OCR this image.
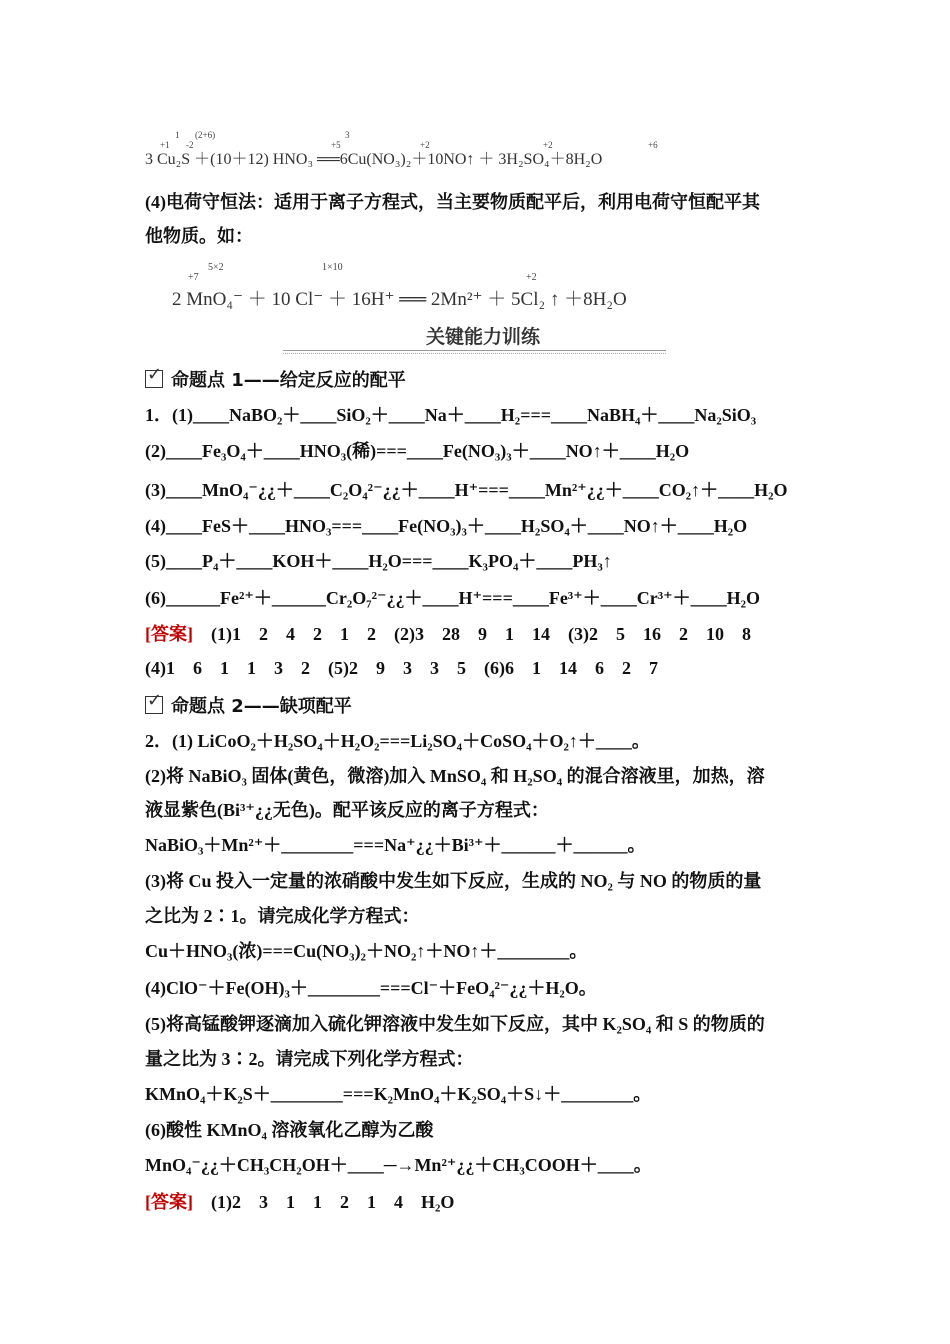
3 Cu₂S ＋(10＋12) HNO₃ ══6Cu(NO₃)₂＋10NO↑ ＋ 3H₂SO₄＋8H₂O
+1
1
-2
(2+6)
+5
3
+2	+2	+6
(4)电荷守恒法：适用于离子方程式，当主要物质配平后，利用电荷守恒配平其
他物质。如：
+7
5×2	1×10
+2
2 MnO₄⁻ ＋ 10 Cl⁻ ＋ 16H⁺ ══ 2Mn²⁺ ＋ 5Cl₂ ↑ ＋8H₂O
关键能力训练
✓命题点 1——给定反应的配平
1．(1)____NaBO₂＋____SiO₂＋____Na＋____H₂===____NaBH₄＋____Na₂SiO₃
(2)____Fe₃O₄＋____HNO₃(稀)===____Fe(NO₃)₃＋____NO↑＋____H₂O
(3)____MnO₄⁻¿¿＋____C₂O₄²⁻¿¿＋____H⁺===____Mn²⁺¿¿＋____CO₂↑＋____H₂O
(4)____FeS＋____HNO₃===____Fe(NO₃)₃＋____H₂SO₄＋____NO↑＋____H₂O
(5)____P₄＋____KOH＋____H₂O===____K₃PO₄＋____PH₃↑
(6)______Fe²⁺＋______Cr₂O₇²⁻¿¿＋____H⁺===____Fe³⁺＋____Cr³⁺＋____H₂O
[答案] (1)1　2　4　2　1　2　(2)3　28　9　1　14　(3)2　5　16　2　10　8
(4)1　6　1　1　3　2　(5)2　9　3　3　5　(6)6　1　14　6　2　7
✓命题点 2——缺项配平
2．(1) LiCoO₂＋H₂SO₄＋H₂O₂===Li₂SO₄＋CoSO₄＋O₂↑＋____。
(2)将 NaBiO₃ 固体(黄色，微溶)加入 MnSO₄ 和 H₂SO₄ 的混合溶液里，加热，溶
液显紫色(Bi³⁺¿¿无色)。配平该反应的离子方程式：
NaBiO₃＋Mn²⁺＋________===Na⁺¿¿＋Bi³⁺＋______＋______。
(3)将 Cu 投入一定量的浓硝酸中发生如下反应，生成的 NO₂ 与 NO 的物质的量
之比为 2∶1。请完成化学方程式：
Cu＋HNO₃(浓)===Cu(NO₃)₂＋NO₂↑＋NO↑＋________。
(4)ClO⁻＋Fe(OH)₃＋________===Cl⁻＋FeO₄²⁻¿¿＋H₂O。
(5)将高锰酸钾逐滴加入硫化钾溶液中发生如下反应，其中 K₂SO₄ 和 S 的物质的
量之比为 3∶2。请完成下列化学方程式：
KMnO₄＋K₂S＋________===K₂MnO₄＋K₂SO₄＋S↓＋________。
(6)酸性 KMnO₄ 溶液氧化乙醇为乙酸
MnO₄⁻¿¿＋CH₃CH₂OH＋____─→Mn²⁺¿¿＋CH₃COOH＋____。
[答案] (1)2　3　1　1　2　1　4　H₂O
